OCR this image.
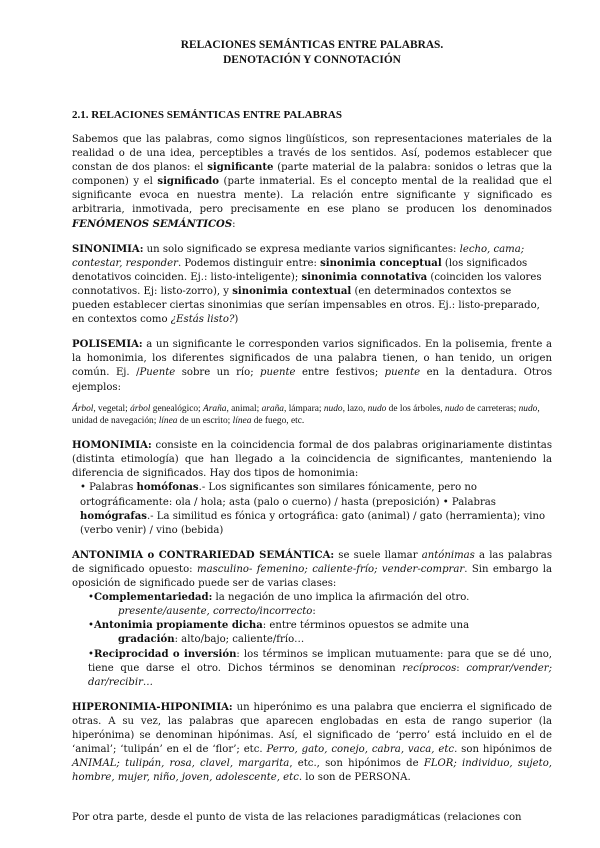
RELACIONES SEMÁNTICAS ENTRE PALABRAS.
DENOTACIÓN Y CONNOTACIÓN

2.1. RELACIONES SEMÁNTICAS ENTRE PALABRAS

Sabemos que las palabras, como signos lingüísticos, son representaciones materiales de la realidad o de una idea, perceptibles a través de los sentidos. Así, podemos establecer que constan de dos planos: el significante (parte material de la palabra: sonidos o letras que la componen) y el significado (parte inmaterial. Es el concepto mental de la realidad que el significante evoca en nuestra mente). La relación entre significante y significado es arbitraria, inmotivada, pero precisamente en ese plano se producen los denominados FENÓMENOS SEMÁNTICOS:

SINONIMIA: un solo significado se expresa mediante varios significantes: lecho, cama; contestar, responder. Podemos distinguir entre: sinonimia conceptual (los significados denotativos coinciden. Ej.: listo-inteligente); sinonimia connotativa (coinciden los valores connotativos. Ej: listo-zorro), y sinonimia contextual (en determinados contextos se pueden establecer ciertas sinonimias que serían impensables en otros. Ej.: listo-preparado, en contextos como ¿Estás listo?)

POLISEMIA: a un significante le corresponden varios significados. En la polisemia, frente a la homonimia, los diferentes significados de una palabra tienen, o han tenido, un origen común. Ej. /Puente sobre un río; puente entre festivos; puente en la dentadura. Otros ejemplos:

Árbol, vegetal; árbol genealógico; Araña, animal; araña, lámpara; nudo, lazo, nudo de los árboles, nudo de carreteras; nudo, unidad de navegación; línea de un escrito; línea de fuego, etc.

HOMONIMIA: consiste en la coincidencia formal de dos palabras originariamente distintas (distinta etimología) que han llegado a la coincidencia de significantes, manteniendo la diferencia de significados. Hay dos tipos de homonimia:

• Palabras homófonas.- Los significantes son similares fónicamente, pero no ortográficamente: ola / hola; asta (palo o cuerno) / hasta (preposición) • Palabras homógrafas.- La similitud es fónica y ortográfica: gato (animal) / gato (herramienta); vino (verbo venir) / vino (bebida)

ANTONIMIA o CONTRARIEDAD SEMÁNTICA: se suele llamar antónimas a las palabras de significado opuesto: masculino- femenino; caliente-frío; vender-comprar. Sin embargo la oposición de significado puede ser de varias clases:

•Complementariedad: la negación de uno implica la afirmación del otro.
presente/ausente, correcto/incorrecto:
•Antonimia propiamente dicha: entre términos opuestos se admite una
gradación: alto/bajo; caliente/frío…
•Reciprocidad o inversión: los términos se implican mutuamente: para que se dé uno, tiene que darse el otro. Dichos términos se denominan recíprocos: comprar/vender; dar/recibir…

HIPERONIMIA-HIPONIMIA: un hiperónimo es una palabra que encierra el significado de otras. A su vez, las palabras que aparecen englobadas en esta de rango superior (la hiperónima) se denominan hipónimas. Así, el significado de ‘perro’ está incluido en el de ‘animal’; ‘tulipán’ en el de ‘flor’; etc. Perro, gato, conejo, cabra, vaca, etc. son hipónimos de ANIMAL; tulipán, rosa, clavel, margarita, etc., son hipónimos de FLOR; individuo, sujeto, hombre, mujer, niño, joven, adolescente, etc. lo son de PERSONA.

Por otra parte, desde el punto de vista de las relaciones paradigmáticas (relaciones con
